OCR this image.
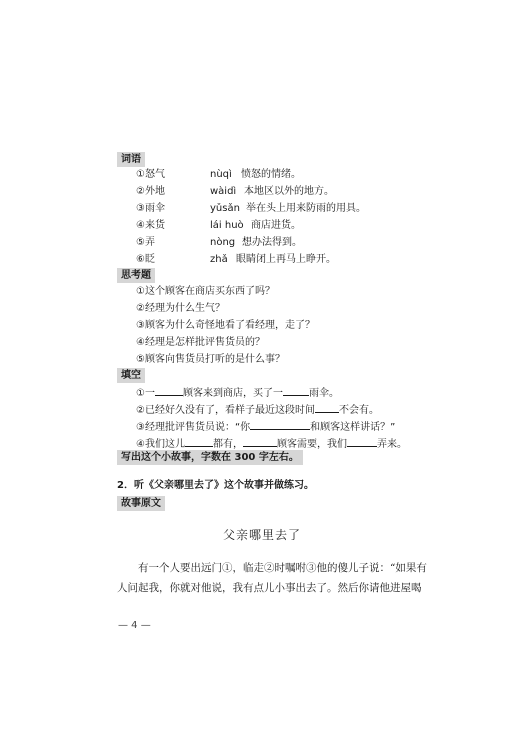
词语
①怒气	nùqì 愤怒的情绪。
②外地	wàidì 本地区以外的地方。
③雨伞	yǔsǎn 举在头上用来防雨的用具。
④来货	lái huò 商店进货。
⑤弄	nòng 想办法得到。
⑥眨	zhǎ 眼睛闭上再马上睁开。
思考题
①这个顾客在商店买东西了吗？
②经理为什么生气？
③顾客为什么奇怪地看了看经理，走了？
④经理是怎样批评售货员的？
⑤顾客向售货员打听的是什么事？
填空
①一	顾客来到商店，买了一	雨伞。
②已经好久没有了，看样子最近这段时间 不会有。
③经理批评售货员说：“你	和顾客这样讲话？”
④我们这儿	都有，	顾客需要，我们	弄来。
写出这个小故事，字数在 300 字左右。
2．听《父亲哪里去了》这个故事并做练习。
故事原文
父亲哪里去了
有一个人要出远门①，临走②时嘱咐③他的傻儿子说：“如果有
人问起我，你就对他说，我有点儿小事出去了。然后你请他进屋喝
— 4 —
